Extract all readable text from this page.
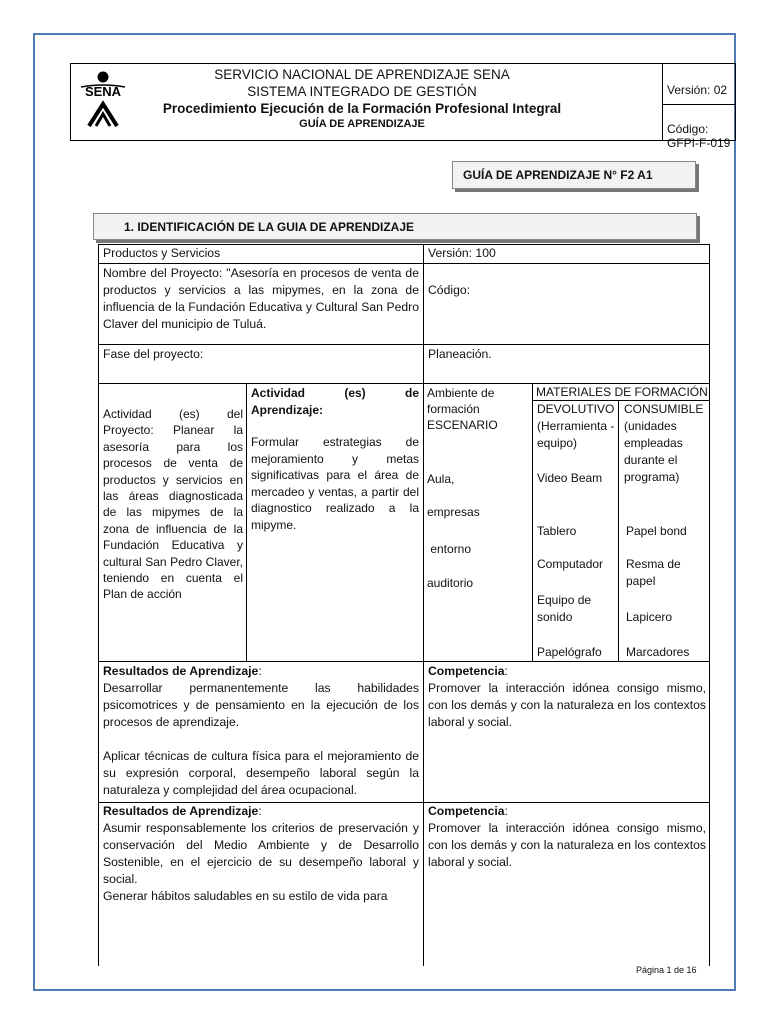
SENA
SERVICIO NACIONAL DE APRENDIZAJE SENA
SISTEMA INTEGRADO DE GESTIÓN
Procedimiento Ejecución de la Formación Profesional Integral
GUÍA DE APRENDIZAJE
Versión: 02
Código: GFPI-F-019
GUÍA DE APRENDIZAJE N° F2 A1
1. IDENTIFICACIÓN DE LA GUIA DE APRENDIZAJE
Productos y Servicios	Versión: 100
Nombre del Proyecto: "Asesoría en procesos de venta de productos y servicios a las mipymes, en la zona de influencia de la Fundación Educativa y Cultural San Pedro Claver del municipio de Tuluá.
Código:
Fase del proyecto:	Planeación.
Actividad (es) del Proyecto: Planear la asesoría para los procesos de venta de productos y servicios en las áreas diagnosticada de las mipymes de la zona de influencia de la Fundación Educativa y cultural San Pedro Claver, teniendo en cuenta el Plan de acción
Actividad (es) de Aprendizaje:
Formular estrategias de mejoramiento y metas significativas para el área de mercadeo y ventas, a partir del diagnostico realizado a la mipyme.
Ambiente de formación ESCENARIO
Aula,
empresas
entorno
auditorio
MATERIALES DE FORMACIÓN
DEVOLUTIVO (Herramienta - equipo)
CONSUMIBLE (unidades empleadas durante el programa)
Video Beam
Tablero
Computador
Equipo de sonido
Papelógrafo
Papel bond
Resma de papel
Lapicero
Marcadores
Resultados de Aprendizaje:
Desarrollar permanentemente las habilidades psicomotrices y de pensamiento en la ejecución de los procesos de aprendizaje.
Aplicar técnicas de cultura física para el mejoramiento de su expresión corporal, desempeño laboral según la naturaleza y complejidad del área ocupacional.
Competencia:
Promover la interacción idónea consigo mismo, con los demás y con la naturaleza en los contextos laboral y social.
Resultados de Aprendizaje:
Asumir responsablemente los criterios de preservación y conservación del Medio Ambiente y de Desarrollo Sostenible, en el ejercicio de su desempeño laboral y social.
Generar hábitos saludables en su estilo de vida para
Competencia:
Promover la interacción idónea consigo mismo, con los demás y con la naturaleza en los contextos laboral y social.
Página 1 de 16
